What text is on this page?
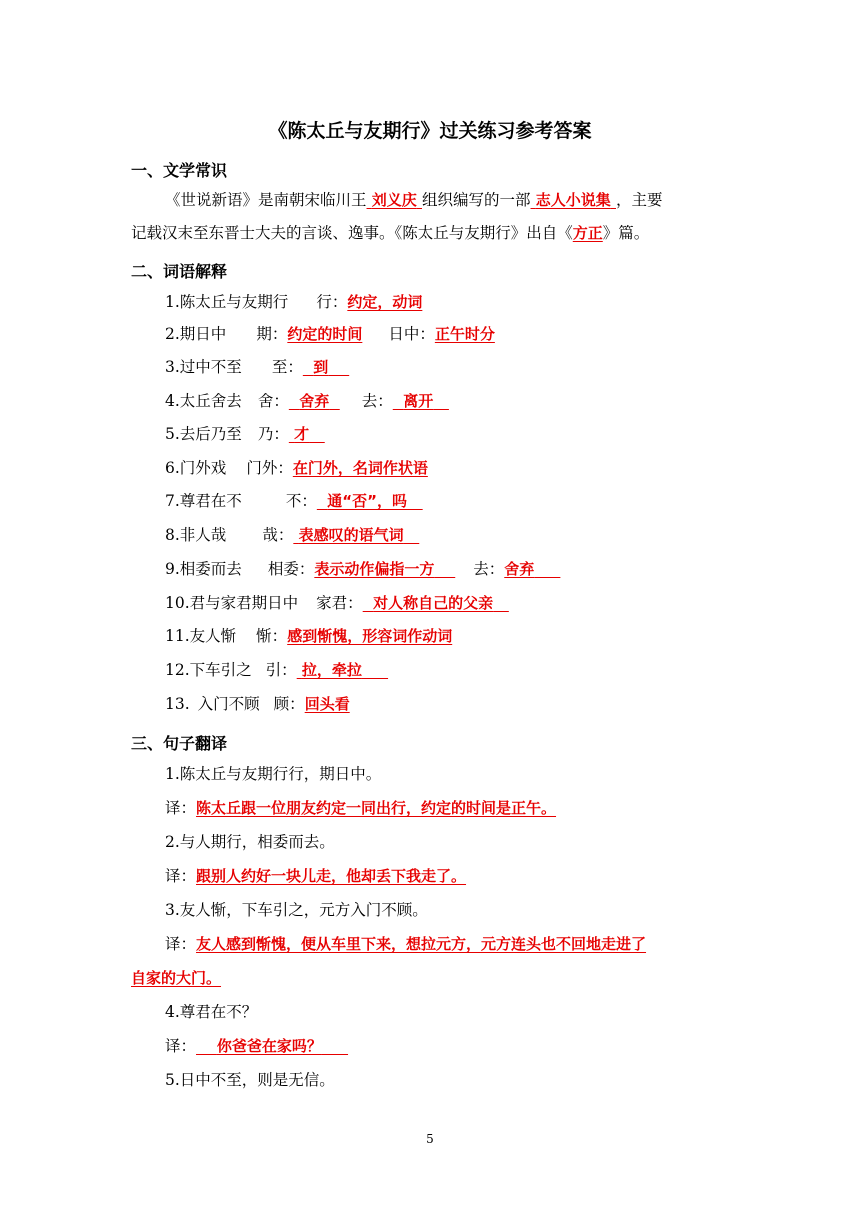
《陈太丘与友期行》过关练习参考答案
一、文学常识
《世说新语》是南朝宋临川王 刘义庆 组织编写的一部 志人小说集 ，主要
记载汉末至东晋士大夫的言谈、逸事。《陈太丘与友期行》出自《方正》篇。
二、词语解释
1.陈太丘与友期行 行：约定，动词
2.期日中 期：约定的时间 日中：正午时分
3.过中不至 至： 到
4.太丘舍去 舍： 舍弃 去： 离开
5.去后乃至 乃： 才
6.门外戏 门外：在门外，名词作状语
7.尊君在不	不： 通“否”，吗
8.非人哉 哉： 表感叹的语气词
9.相委而去 相委：表示动作偏指一方	去：舍弃
10.君与家君期日中 家君： 对人称自己的父亲
11.友人惭 惭：感到惭愧，形容词作动词
12.下车引之 引： 拉，牵拉
13. 入门不顾 顾：回头看
三、句子翻译
1.陈太丘与友期行行，期日中。
译：陈太丘跟一位朋友约定一同出行，约定的时间是正午。
2.与人期行，相委而去。
译：跟别人约好一块儿走，他却丢下我走了。
3.友人惭，下车引之，元方入门不顾。
译：友人感到惭愧，便从车里下来，想拉元方，元方连头也不回地走进了
自家的大门。
4.尊君在不？
译： 你爸爸在家吗？
5.日中不至，则是无信。
5
